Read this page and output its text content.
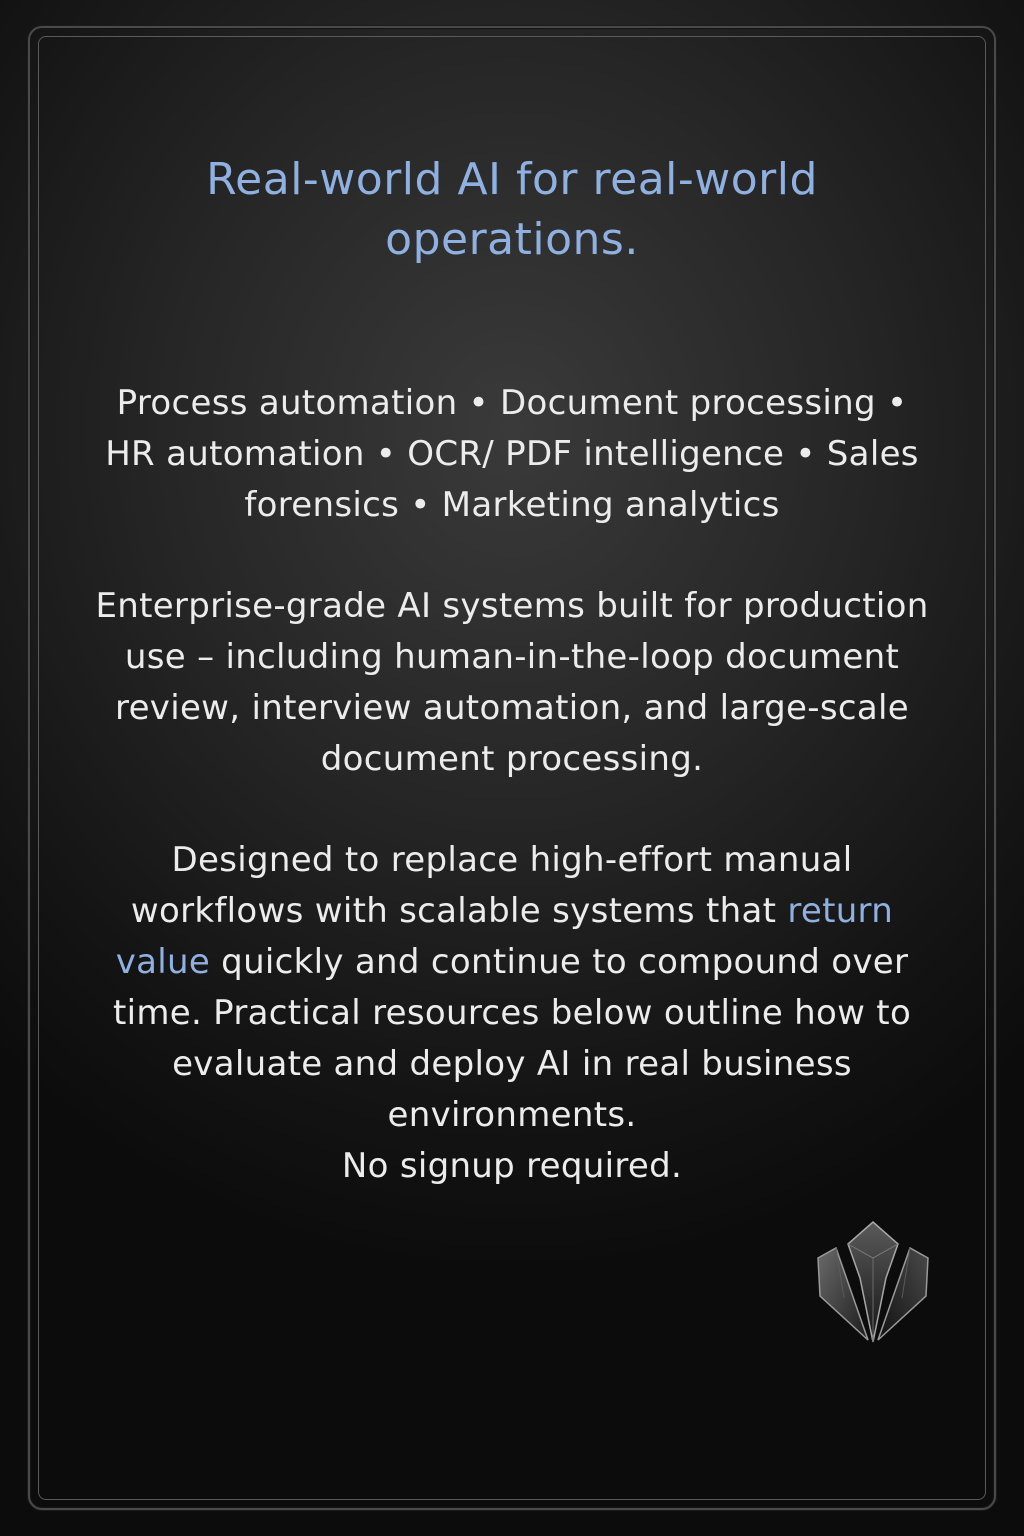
Real-world AI for real-world operations.

Process automation • Document processing • HR automation • OCR/ PDF intelligence • Sales forensics • Marketing analytics

Enterprise-grade AI systems built for production use – including human-in-the-loop document review, interview automation, and large-scale document processing.

Designed to replace high-effort manual workflows with scalable systems that return value quickly and continue to compound over time. Practical resources below outline how to evaluate and deploy AI in real business environments.
No signup required.
